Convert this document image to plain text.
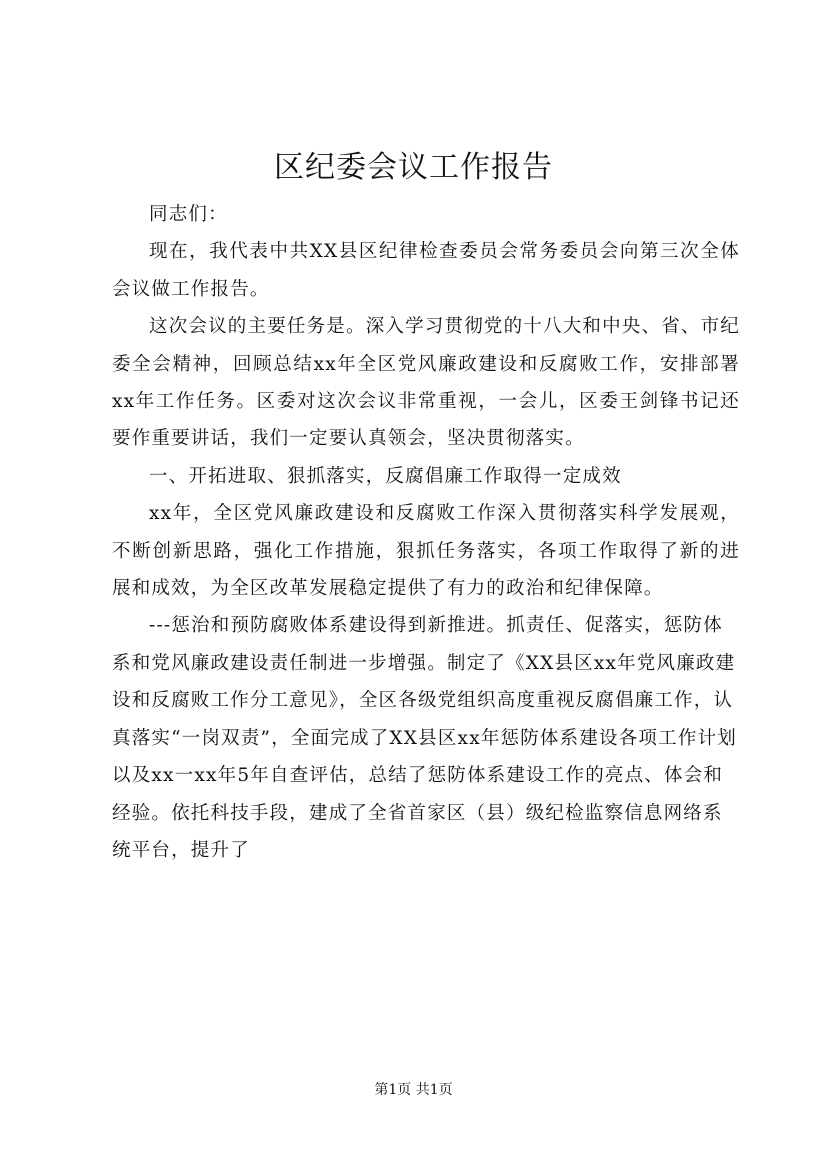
区纪委会议工作报告

同志们：

现在，我代表中共XX县区纪律检查委员会常务委员会向第三次全体会议做工作报告。

这次会议的主要任务是。深入学习贯彻党的十八大和中央、省、市纪委全会精神，回顾总结xx年全区党风廉政建设和反腐败工作，安排部署xx年工作任务。区委对这次会议非常重视，一会儿，区委王剑锋书记还要作重要讲话，我们一定要认真领会，坚决贯彻落实。

一、开拓进取、狠抓落实，反腐倡廉工作取得一定成效

xx年，全区党风廉政建设和反腐败工作深入贯彻落实科学发展观，不断创新思路，强化工作措施，狠抓任务落实，各项工作取得了新的进展和成效，为全区改革发展稳定提供了有力的政治和纪律保障。

---惩治和预防腐败体系建设得到新推进。抓责任、促落实，惩防体系和党风廉政建设责任制进一步增强。制定了《XX县区xx年党风廉政建设和反腐败工作分工意见》，全区各级党组织高度重视反腐倡廉工作，认真落实“一岗双责”，全面完成了XX县区xx年惩防体系建设各项工作计划以及xx一xx年5年自查评估，总结了惩防体系建设工作的亮点、体会和经验。依托科技手段，建成了全省首家区（县）级纪检监察信息网络系统平台，提升了

第1页 共1页
